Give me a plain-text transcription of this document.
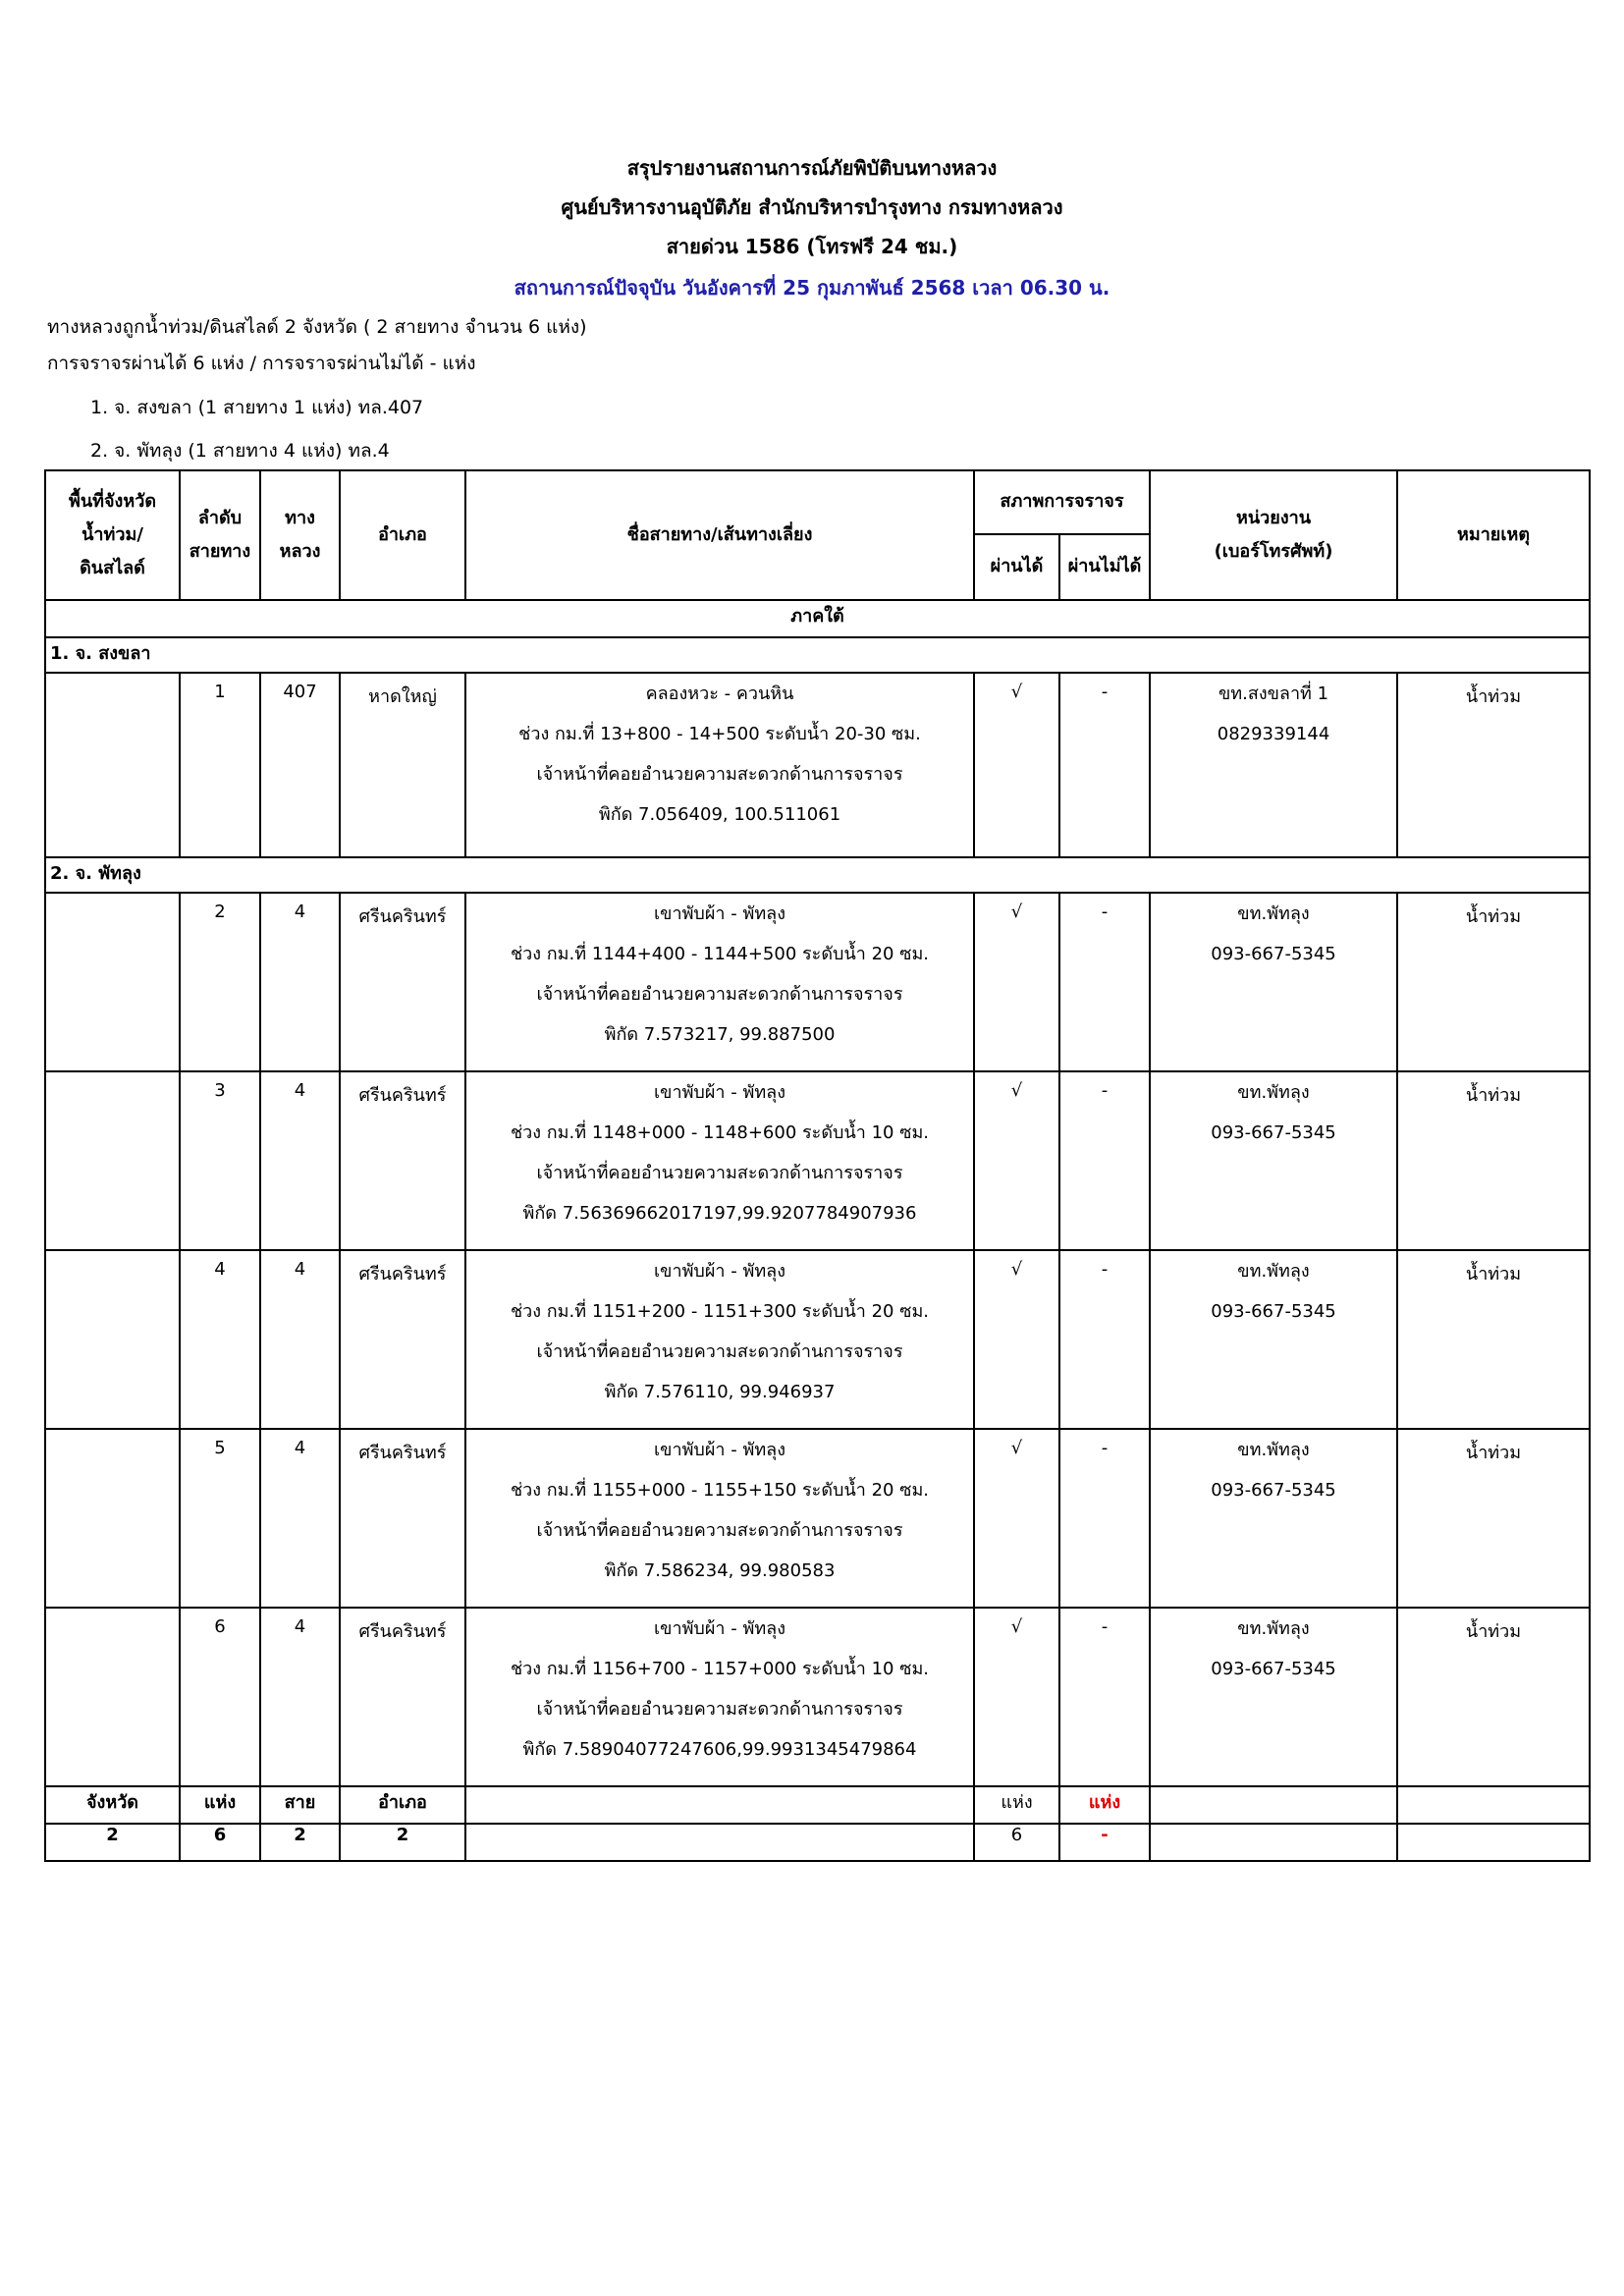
สรุปรายงานสถานการณ์ภัยพิบัติบนทางหลวง
ศูนย์บริหารงานอุบัติภัย สำนักบริหารบำรุงทาง กรมทางหลวง
สายด่วน 1586 (โทรฟรี 24 ชม.)
สถานการณ์ปัจจุบัน วันอังคารที่ 25 กุมภาพันธ์ 2568 เวลา 06.30 น.
ทางหลวงถูกน้ำท่วม/ดินสไลด์ 2 จังหวัด ( 2 สายทาง จำนวน 6 แห่ง)
การจราจรผ่านได้ 6 แห่ง / การจราจรผ่านไม่ได้ - แห่ง
1. จ. สงขลา (1 สายทาง 1 แห่ง) ทล.407
2. จ. พัทลุง (1 สายทาง 4 แห่ง) ทล.4
พื้นที่จังหวัด
น้ำท่วม/
ดินสไลด์	ลำดับ
สายทาง	ทาง
หลวง	อำเภอ	ชื่อสายทาง/เส้นทางเลี่ยง	สภาพการจราจร		หน่วยงาน
(เบอร์โทรศัพท์)	หมายเหตุ
					ผ่านได้	ผ่านไม่ได้		
ภาคใต้								
1. จ. สงขลา								
	1	407	หาดใหญ่	คลองหวะ - ควนหิน
ช่วง กม.ที่ 13+800 - 14+500 ระดับน้ำ 20-30 ซม.
เจ้าหน้าที่คอยอำนวยความสะดวกด้านการจราจร
พิกัด 7.056409, 100.511061	√	-	ขท.สงขลาที่ 1
0829339144	น้ำท่วม
2. จ. พัทลุง								
	2	4	ศรีนครินทร์	เขาพับผ้า - พัทลุง
ช่วง กม.ที่ 1144+400 - 1144+500 ระดับน้ำ 20 ซม.
เจ้าหน้าที่คอยอำนวยความสะดวกด้านการจราจร
พิกัด 7.573217, 99.887500	√	-	ขท.พัทลุง
093-667-5345	น้ำท่วม
	3	4	ศรีนครินทร์	เขาพับผ้า - พัทลุง
ช่วง กม.ที่ 1148+000 - 1148+600 ระดับน้ำ 10 ซม.
เจ้าหน้าที่คอยอำนวยความสะดวกด้านการจราจร
พิกัด 7.56369662017197,99.9207784907936	√	-	ขท.พัทลุง
093-667-5345	น้ำท่วม
	4	4	ศรีนครินทร์	เขาพับผ้า - พัทลุง
ช่วง กม.ที่ 1151+200 - 1151+300 ระดับน้ำ 20 ซม.
เจ้าหน้าที่คอยอำนวยความสะดวกด้านการจราจร
พิกัด 7.576110, 99.946937	√	-	ขท.พัทลุง
093-667-5345	น้ำท่วม
	5	4	ศรีนครินทร์	เขาพับผ้า - พัทลุง
ช่วง กม.ที่ 1155+000 - 1155+150 ระดับน้ำ 20 ซม.
เจ้าหน้าที่คอยอำนวยความสะดวกด้านการจราจร
พิกัด 7.586234, 99.980583	√	-	ขท.พัทลุง
093-667-5345	น้ำท่วม
	6	4	ศรีนครินทร์	เขาพับผ้า - พัทลุง
ช่วง กม.ที่ 1156+700 - 1157+000 ระดับน้ำ 10 ซม.
เจ้าหน้าที่คอยอำนวยความสะดวกด้านการจราจร
พิกัด 7.58904077247606,99.9931345479864	√	-	ขท.พัทลุง
093-667-5345	น้ำท่วม
จังหวัด	แห่ง	สาย	อำเภอ		แห่ง	แห่ง		
2	6	2	2		6	-		
